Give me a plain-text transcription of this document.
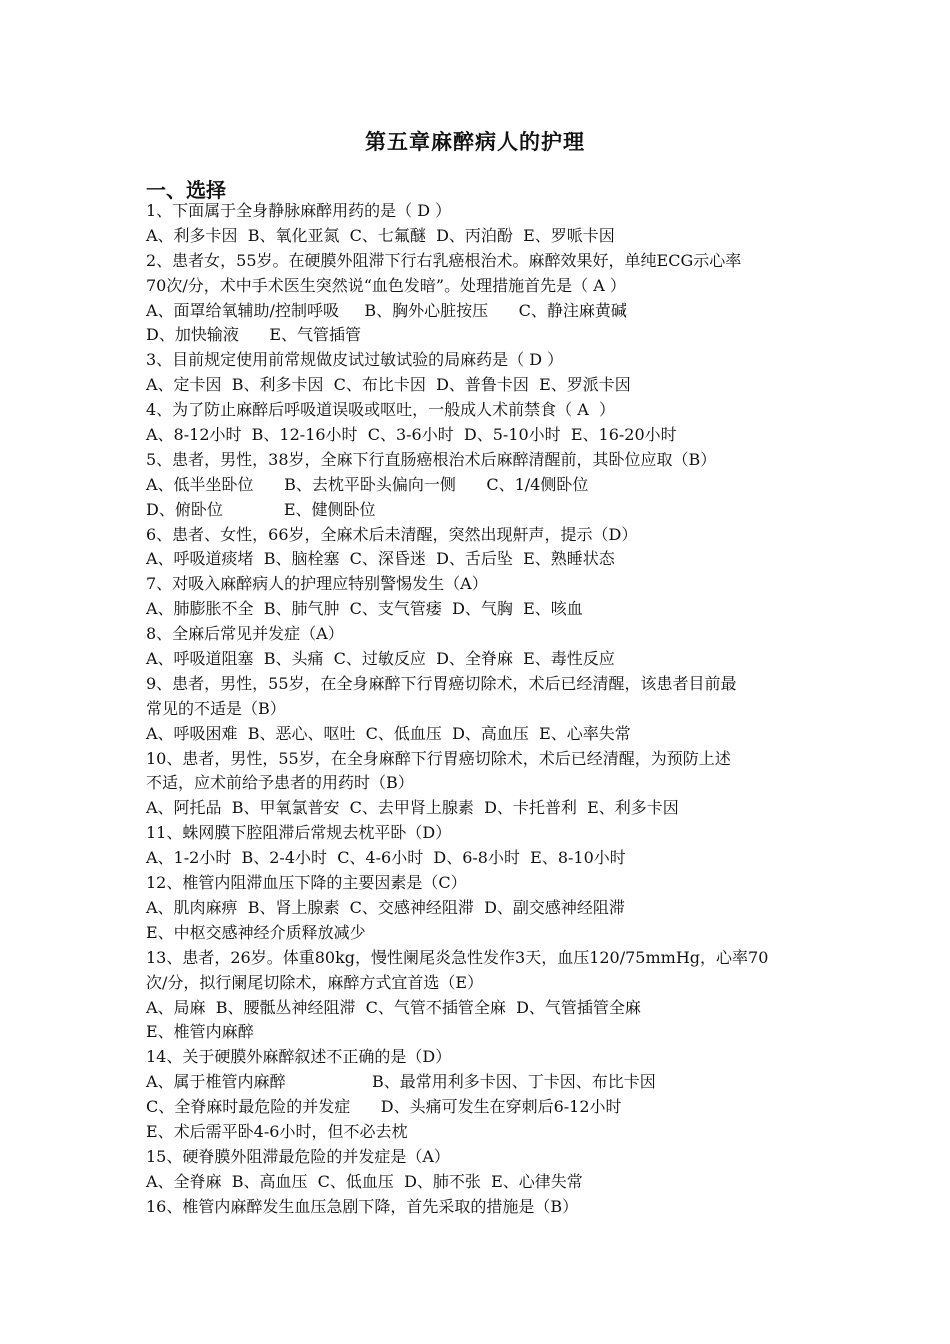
第五章麻醉病人的护理
一、选择
1、下面属于全身静脉麻醉用药的是（ D ）
A、利多卡因  B、氧化亚氮  C、七氟醚  D、丙泊酚  E、罗哌卡因
2、患者女，55岁。在硬膜外阻滞下行右乳癌根治术。麻醉效果好，单纯ECG示心率
70次/分，术中手术医生突然说“血色发暗”。处理措施首先是（ A ）
A、面罩给氧辅助/控制呼吸     B、胸外心脏按压      C、静注麻黄碱
D、加快输液      E、气管插管
3、目前规定使用前常规做皮试过敏试验的局麻药是（ D ）
A、定卡因  B、利多卡因  C、布比卡因  D、普鲁卡因  E、罗派卡因
4、为了防止麻醉后呼吸道误吸或呕吐，一般成人术前禁食（ A  ）
A、8-12小时  B、12-16小时  C、3-6小时  D、5-10小时  E、16-20小时
5、患者，男性，38岁，全麻下行直肠癌根治术后麻醉清醒前，其卧位应取（B）
A、低半坐卧位      B、去枕平卧头偏向一侧      C、1/4侧卧位
D、俯卧位            E、健侧卧位
6、患者、女性，66岁，全麻术后未清醒，突然出现鼾声，提示（D）
A、呼吸道痰堵  B、脑栓塞  C、深昏迷  D、舌后坠  E、熟睡状态
7、对吸入麻醉病人的护理应特别警惕发生（A）
A、肺膨胀不全  B、肺气肿  C、支气管痿  D、气胸  E、咳血
8、全麻后常见并发症（A）
A、呼吸道阻塞  B、头痛  C、过敏反应  D、全脊麻  E、毒性反应
9、患者，男性，55岁，在全身麻醉下行胃癌切除术，术后已经清醒，该患者目前最
常见的不适是（B）
A、呼吸困难  B、恶心、呕吐  C、低血压  D、高血压  E、心率失常
10、患者，男性，55岁，在全身麻醉下行胃癌切除术，术后已经清醒，为预防上述
不适，应术前给予患者的用药时（B）
A、阿托品  B、甲氧氯普安  C、去甲肾上腺素  D、卡托普利  E、利多卡因
11、蛛网膜下腔阻滞后常规去枕平卧（D）
A、1-2小时  B、2-4小时  C、4-6小时  D、6-8小时  E、8-10小时
12、椎管内阻滞血压下降的主要因素是（C）
A、肌肉麻痹  B、肾上腺素  C、交感神经阻滞  D、副交感神经阻滞
E、中枢交感神经介质释放减少
13、患者，26岁。体重80kg，慢性阑尾炎急性发作3天，血压120/75mmHg，心率70
次/分，拟行阑尾切除术，麻醉方式宜首选（E）
A、局麻  B、腰骶丛神经阻滞  C、气管不插管全麻  D、气管插管全麻
E、椎管内麻醉
14、关于硬膜外麻醉叙述不正确的是（D）
A、属于椎管内麻醉                 B、最常用利多卡因、丁卡因、布比卡因
C、全脊麻时最危险的并发症      D、头痛可发生在穿刺后6-12小时
E、术后需平卧4-6小时，但不必去枕
15、硬脊膜外阻滞最危险的并发症是（A）
A、全脊麻  B、高血压  C、低血压  D、肺不张  E、心律失常
16、椎管内麻醉发生血压急剧下降，首先采取的措施是（B）
